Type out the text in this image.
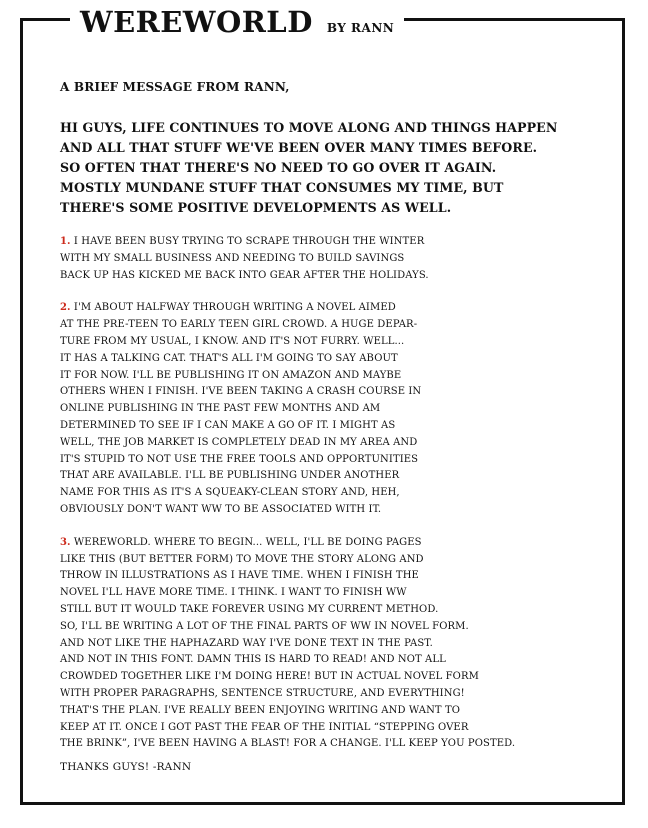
WEREWORLD BY RANN

A BRIEF MESSAGE FROM RANN,

HI GUYS, LIFE CONTINUES TO MOVE ALONG AND THINGS HAPPEN
AND ALL THAT STUFF WE'VE BEEN OVER MANY TIMES BEFORE.
SO OFTEN THAT THERE'S NO NEED TO GO OVER IT AGAIN.
MOSTLY MUNDANE STUFF THAT CONSUMES MY TIME, BUT
THERE'S SOME POSITIVE DEVELOPMENTS AS WELL.
1. I HAVE BEEN BUSY TRYING TO SCRAPE THROUGH THE WINTER
WITH MY SMALL BUSINESS AND NEEDING TO BUILD SAVINGS
BACK UP HAS KICKED ME BACK INTO GEAR AFTER THE HOLIDAYS.
2. I'M ABOUT HALFWAY THROUGH WRITING A NOVEL AIMED
AT THE PRE-TEEN TO EARLY TEEN GIRL CROWD. A HUGE DEPAR-
TURE FROM MY USUAL, I KNOW. AND IT'S NOT FURRY. WELL...
IT HAS A TALKING CAT. THAT'S ALL I'M GOING TO SAY ABOUT
IT FOR NOW. I'LL BE PUBLISHING IT ON AMAZON AND MAYBE
OTHERS WHEN I FINISH. I'VE BEEN TAKING A CRASH COURSE IN
ONLINE PUBLISHING IN THE PAST FEW MONTHS AND AM
DETERMINED TO SEE IF I CAN MAKE A GO OF IT. I MIGHT AS
WELL, THE JOB MARKET IS COMPLETELY DEAD IN MY AREA AND
IT'S STUPID TO NOT USE THE FREE TOOLS AND OPPORTUNITIES
THAT ARE AVAILABLE. I'LL BE PUBLISHING UNDER ANOTHER
NAME FOR THIS AS IT'S A SQUEAKY-CLEAN STORY AND, HEH,
OBVIOUSLY DON'T WANT WW TO BE ASSOCIATED WITH IT.
3. WEREWORLD. WHERE TO BEGIN... WELL, I'LL BE DOING PAGES
LIKE THIS (BUT BETTER FORM) TO MOVE THE STORY ALONG AND
THROW IN ILLUSTRATIONS AS I HAVE TIME. WHEN I FINISH THE
NOVEL I'LL HAVE MORE TIME. I THINK. I WANT TO FINISH WW
STILL BUT IT WOULD TAKE FOREVER USING MY CURRENT METHOD.
SO, I'LL BE WRITING A LOT OF THE FINAL PARTS OF WW IN NOVEL FORM.
AND NOT LIKE THE HAPHAZARD WAY I'VE DONE TEXT IN THE PAST.
AND NOT IN THIS FONT. DAMN THIS IS HARD TO READ! AND NOT ALL
CROWDED TOGETHER LIKE I'M DOING HERE! BUT IN ACTUAL NOVEL FORM
WITH PROPER PARAGRAPHS, SENTENCE STRUCTURE, AND EVERYTHING!
THAT'S THE PLAN. I'VE REALLY BEEN ENJOYING WRITING AND WANT TO
KEEP AT IT. ONCE I GOT PAST THE FEAR OF THE INITIAL “STEPPING OVER
THE BRINK”, I'VE BEEN HAVING A BLAST! FOR A CHANGE. I'LL KEEP YOU POSTED.

THANKS GUYS! -RANN
